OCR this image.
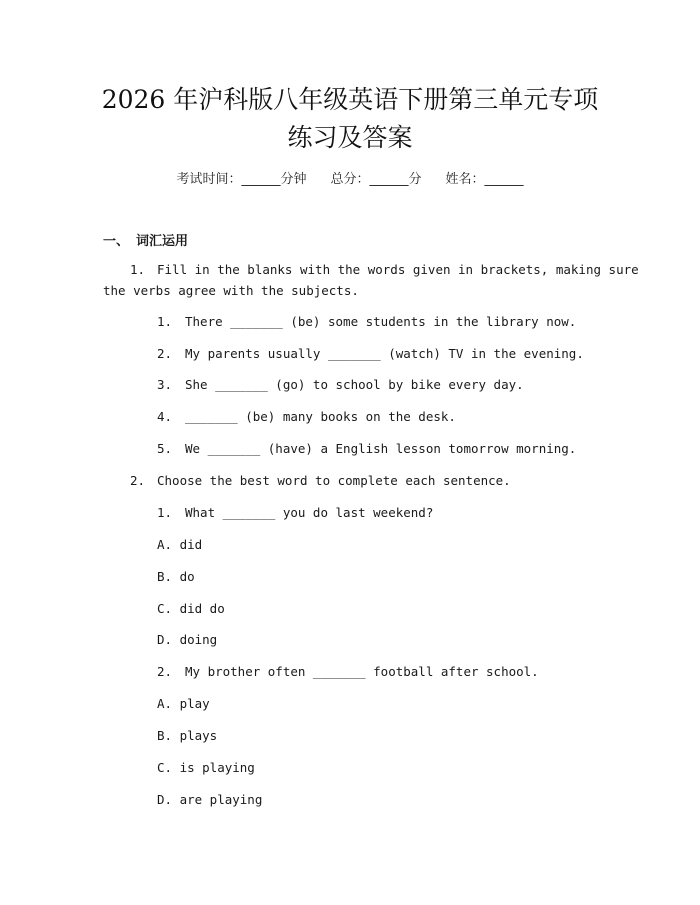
2026 年沪科版八年级英语下册第三单元专项
练习及答案
考试时间：______分钟 总分：______分 姓名：______
一、 词汇运用
1. Fill in the blanks with the words given in brackets, making sure
the verbs agree with the subjects.
1. There _______ (be) some students in the library now.
2. My parents usually _______ (watch) TV in the evening.
3. She _______ (go) to school by bike every day.
4. _______ (be) many books on the desk.
5. We _______ (have) a English lesson tomorrow morning.
2. Choose the best word to complete each sentence.
1. What _______ you do last weekend?
A. did
B. do
C. did do
D. doing
2. My brother often _______ football after school.
A. play
B. plays
C. is playing
D. are playing
